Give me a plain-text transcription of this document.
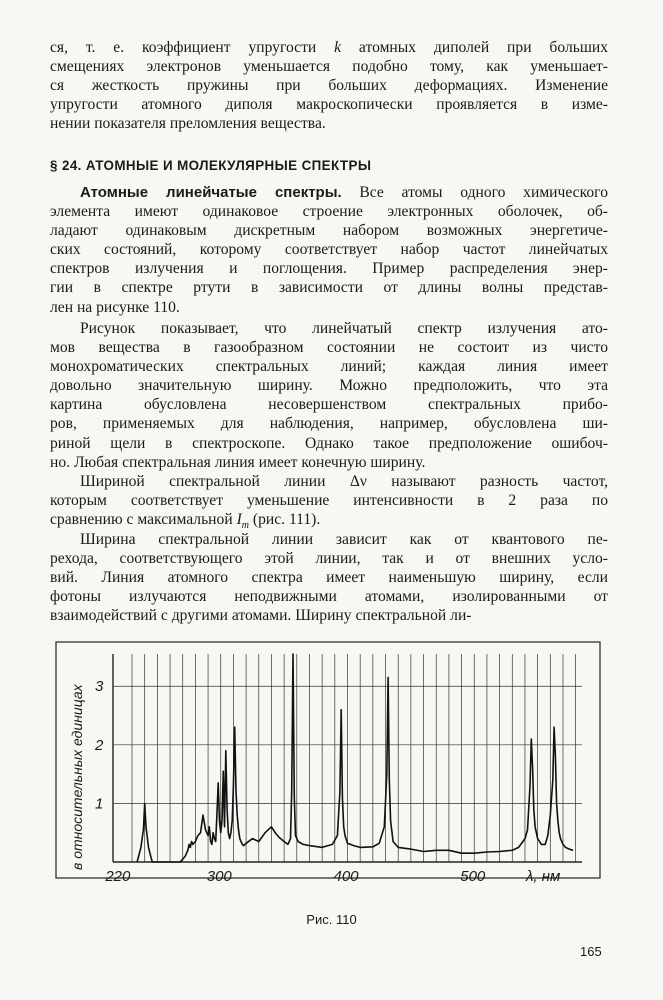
ся, т. е. коэффициент упругости k атомных диполей при больших
смещениях электронов уменьшается подобно тому, как уменьшает-
ся жесткость пружины при больших деформациях. Изменение
упругости атомного диполя макроскопически проявляется в изме-
нении показателя преломления вещества.

§ 24. АТОМНЫЕ И МОЛЕКУЛЯРНЫЕ СПЕКТРЫ

Атомные линейчатые спектры. Все атомы одного химического
элемента имеют одинаковое строение электронных оболочек, об-
ладают одинаковым дискретным набором возможных энергетиче-
ских состояний, которому соответствует набор частот линейчатых
спектров излучения и поглощения. Пример распределения энер-
гии в спектре ртути в зависимости от длины волны представ-
лен на рисунке 110.

Рисунок показывает, что линейчатый спектр излучения ато-
мов вещества в газообразном состоянии не состоит из чисто
монохроматических спектральных линий; каждая линия имеет
довольно значительную ширину. Можно предположить, что эта
картина обусловлена несовершенством спектральных прибо-
ров, применяемых для наблюдения, например, обусловлена ши-
риной щели в спектроскопе. Однако такое предположение ошибоч-
но. Любая спектральная линия имеет конечную ширину.

Шириной спектральной линии Δν называют разность частот,
которым соответствует уменьшение интенсивности в 2 раза по
сравнению с максимальной $I_m$ (рис. 111).

Ширина спектральной линии зависит как от квантового пе-
рехода, соответствующего этой линии, так и от внешних усло-
вий. Линия атомного спектра имеет наименьшую ширину, если
фотоны излучаются неподвижными атомами, изолированными от
взаимодействий с другими атомами. Ширину спектральной ли-

220	300	400	500
1
2
3
λ, нм
в относительных единицах
Рис. 110
165
